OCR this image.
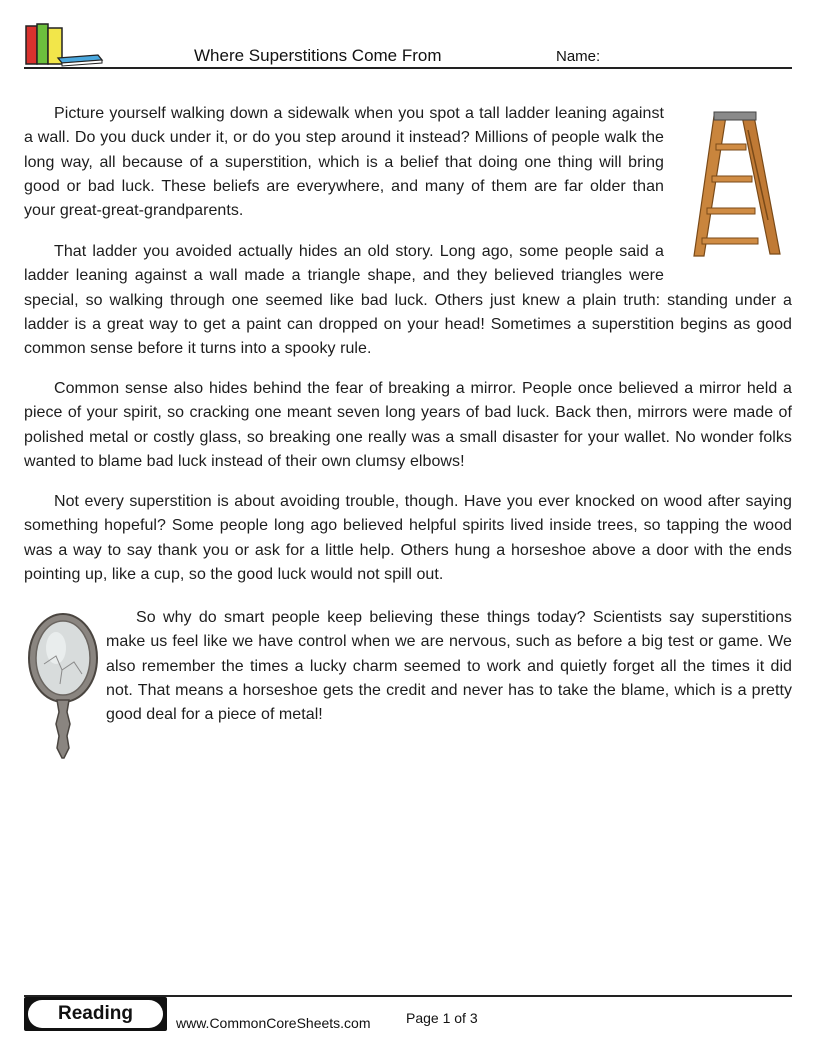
Where Superstitions Come From	Name:

Picture yourself walking down a sidewalk when you spot a tall ladder leaning against a wall. Do you duck under it, or do you step around it instead? Millions of people walk the long way, all because of a superstition, which is a belief that doing one thing will bring good or bad luck. These beliefs are everywhere, and many of them are far older than your great-great-grandparents.

That ladder you avoided actually hides an old story. Long ago, some people said a ladder leaning against a wall made a triangle shape, and they believed triangles were special, so walking through one seemed like bad luck. Others just knew a plain truth: standing under a ladder is a great way to get a paint can dropped on your head! Sometimes a superstition begins as good common sense before it turns into a spooky rule.

Common sense also hides behind the fear of breaking a mirror. People once believed a mirror held a piece of your spirit, so cracking one meant seven long years of bad luck. Back then, mirrors were made of polished metal or costly glass, so breaking one really was a small disaster for your wallet. No wonder folks wanted to blame bad luck instead of their own clumsy elbows!

Not every superstition is about avoiding trouble, though. Have you ever knocked on wood after saying something hopeful? Some people long ago believed helpful spirits lived inside trees, so tapping the wood was a way to say thank you or ask for a little help. Others hung a horseshoe above a door with the ends pointing up, like a cup, so the good luck would not spill out.

So why do smart people keep believing these things today? Scientists say superstitions make us feel like we have control when we are nervous, such as before a big test or game. We also remember the times a lucky charm seemed to work and quietly forget all the times it did not. That means a horseshoe gets the credit and never has to take the blame, which is a pretty good deal for a piece of metal!

Reading	www.CommonCoreSheets.com	Page 1 of 3
